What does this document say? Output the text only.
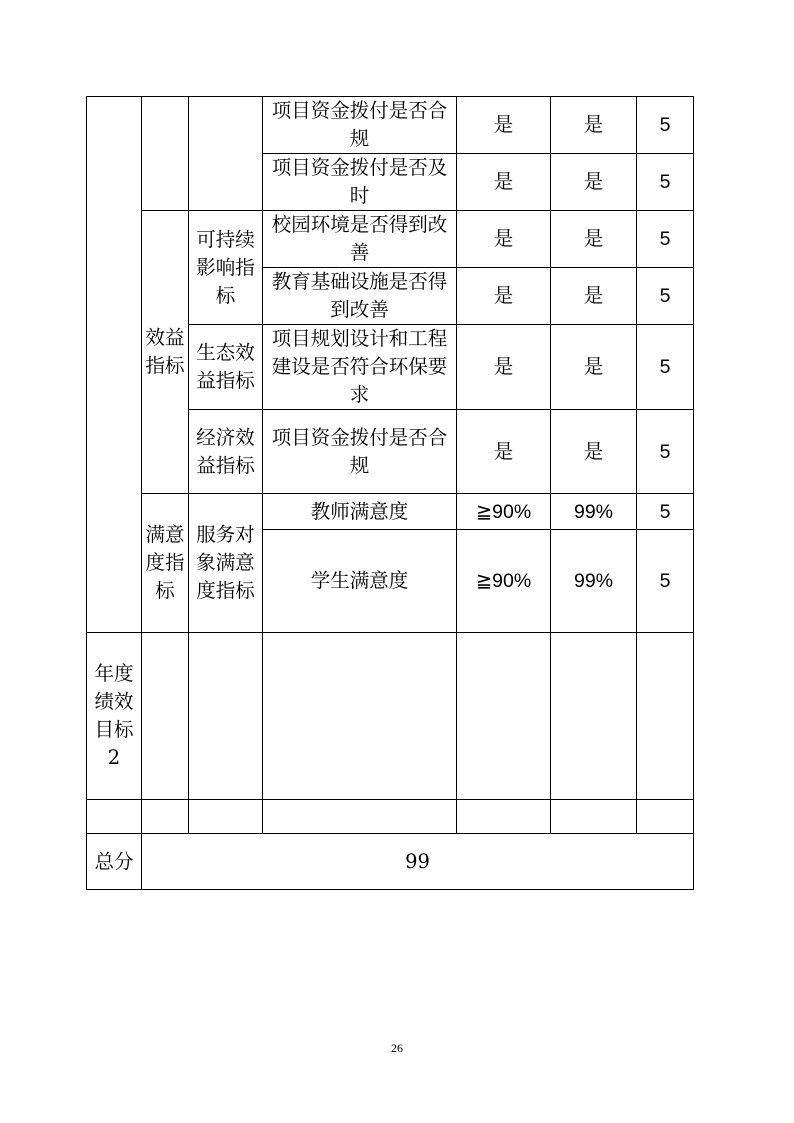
			项目资金拨付是否合规	是	是	5
			项目资金拨付是否及时	是	是	5
	效益指标	可持续影响指标	校园环境是否得到改善	是	是	5
			教育基础设施是否得到改善	是	是	5
		生态效益指标	项目规划设计和工程建设是否符合环保要求	是	是	5
		经济效益指标	项目资金拨付是否合规	是	是	5
	满意度指标	服务对象满意度指标	教师满意度	≧90%	99%	5
			学生满意度	≧90%	99%	5
年度绩效目标2						

总分	99					
26
